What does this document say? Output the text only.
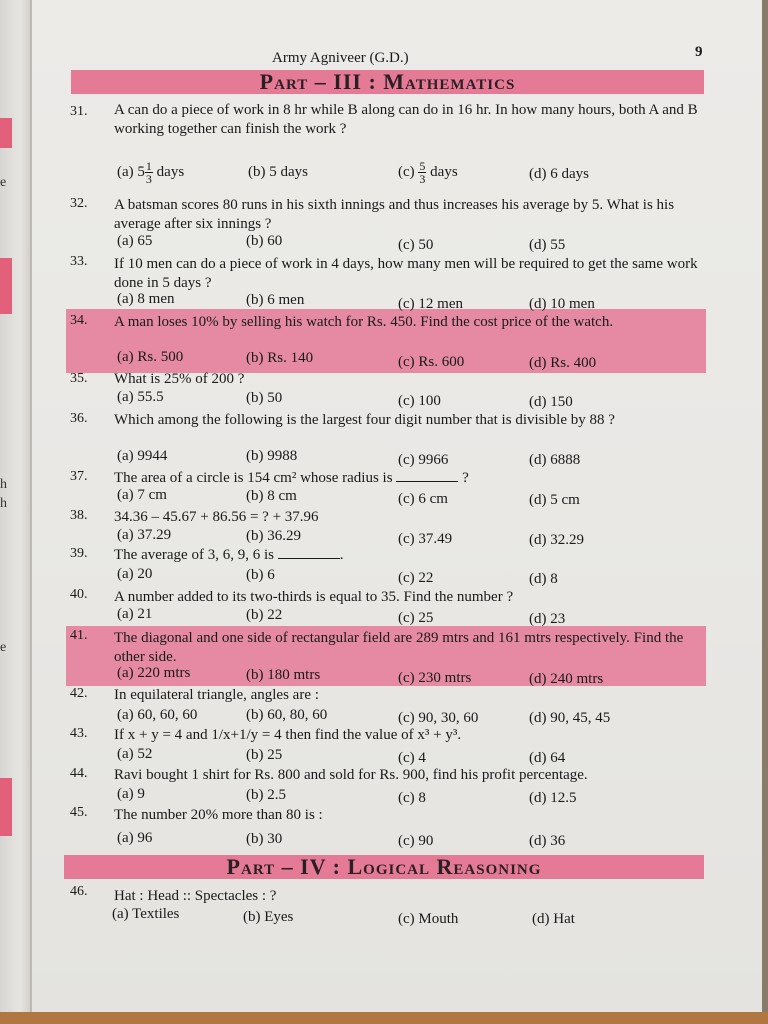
e
h
h
e
Army Agniveer (G.D.)	9
Part – III : Mathematics
31. A can do a piece of work in 8 hr while B along can do in 16 hr. In how many hours, both A and B working together can finish the work ?
(a) $5 \frac{1}{3}$ days	(b) 5 days	$(c) \frac{5}{3}$ days	(d) 6 days
32. A batsman scores 80 runs in his sixth innings and thus increases his average by 5. What is his average after six innings ?
(a) 65	(b) 60	(c) 50	(d) 55
33. If 10 men can do a piece of work in 4 days, how many men will be required to get the same work done in 5 days ?
(a) 8 men	(b) 6 men	(c) 12 men	(d) 10 men
34. A man loses 10% by selling his watch for Rs. 450. Find the cost price of the watch.
(a) Rs. 500	(b) Rs. 140	(c) Rs. 600	(d) Rs. 400
35. What is 25% of 200 ?
(a) 55.5	(b) 50	(c) 100	(d) 150
36. Which among the following is the largest four digit number that is divisible by 88 ?
(a) 9944	(b) 9988	(c) 9966	(d) 6888
37. The area of a circle is 154 cm² whose radius is	?
(a) 7 cm	(b) 8 cm	(c) 6 cm	(d) 5 cm
38. 34.36 – 45.67 + 86.56 = ? + 37.96
(a) 37.29	(b) 36.29	(c) 37.49	(d) 32.29
39. The average of 3, 6, 9, 6 is	.
(a) 20	(b) 6	(c) 22	(d) 8
40. A number added to its two-thirds is equal to 35. Find the number ?
(a) 21	(b) 22	(c) 25	(d) 23
41. The diagonal and one side of rectangular field are 289 mtrs and 161 mtrs respectively. Find the other side.
(a) 220 mtrs	(b) 180 mtrs	(c) 230 mtrs	(d) 240 mtrs
42. In equilateral triangle, angles are :
(a) 60, 60, 60	(b) 60, 80, 60	(c) 90, 30, 60	(d) 90, 45, 45
43. If x + y = 4 and 1/x+1/y = 4 then find the value of x³ + y³.
(a) 52	(b) 25	(c) 4	(d) 64
44. Ravi bought 1 shirt for Rs. 800 and sold for Rs. 900, find his profit percentage.
(a) 9	(b) 2.5	(c) 8	(d) 12.5
45. The number 20% more than 80 is :
(a) 96	(b) 30	(c) 90	(d) 36
Part – IV : Logical Reasoning
46. Hat : Head :: Spectacles : ?
(a) Textiles	(b) Eyes	(c) Mouth	(d) Hat
